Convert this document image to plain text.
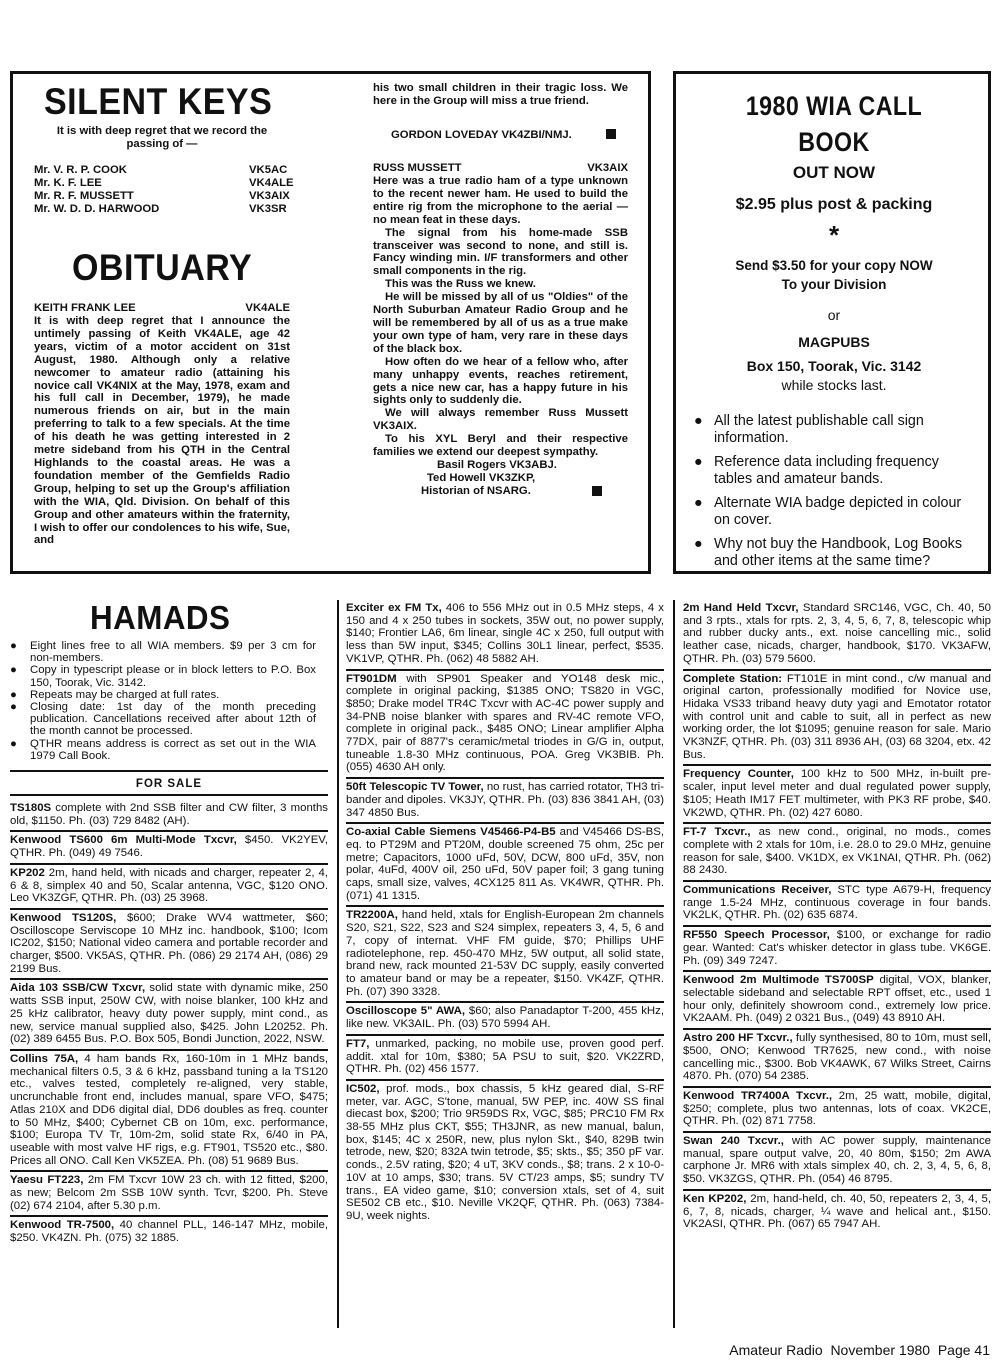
SILENT KEYS
It is with deep regret that we record the passing of —
Mr. V. R. P. COOK	VK5AC
Mr. K. F. LEE	VK4ALE
Mr. R. F. MUSSETT	VK3AIX
Mr. W. D. D. HARWOOD	VK3SR
OBITUARY
KEITH FRANK LEE	VK4ALE
It is with deep regret that I announce the untimely passing of Keith VK4ALE, age 42 years, victim of a motor accident on 31st August, 1980. Although only a relative newcomer to amateur radio (attaining his novice call VK4NIX at the May, 1978, exam and his full call in December, 1979), he made numerous friends on air, but in the main preferring to talk to a few specials. At the time of his death he was getting interested in 2 metre sideband from his QTH in the Central Highlands to the coastal areas. He was a foundation member of the Gemfields Radio Group, helping to set up the Group's affiliation with the WIA, Qld. Division. On behalf of this Group and other amateurs within the fraternity, I wish to offer our condolences to his wife, Sue, and
his two small children in their tragic loss. We here in the Group will miss a true friend.
GORDON LOVEDAY VK4ZBI/NMJ.
RUSS MUSSETT	VK3AIX
Here was a true radio ham of a type unknown to the recent newer ham. He used to build the entire rig from the microphone to the aerial — no mean feat in these days.
The signal from his home-made SSB transceiver was second to none, and still is. Fancy winding min. I/F transformers and other small components in the rig.
This was the Russ we knew.
He will be missed by all of us "Oldies" of the North Suburban Amateur Radio Group and he will be remembered by all of us as a true make your own type of ham, very rare in these days of the black box.
How often do we hear of a fellow who, after many unhappy events, reaches retirement, gets a nice new car, has a happy future in his sights only to suddenly die.
We will always remember Russ Mussett VK3AIX.
To his XYL Beryl and their respective families we extend our deepest sympathy.
Basil Rogers VK3ABJ.
Ted Howell VK3ZKP,
Historian of NSARG.
1980 WIA CALL BOOK
OUT NOW
$2.95 plus post & packing
*
Send $3.50 for your copy NOW
To your Division
or
MAGPUBS
Box 150, Toorak, Vic. 3142
while stocks last.
● All the latest publishable call sign information.
● Reference data including frequency tables and amateur bands.
● Alternate WIA badge depicted in colour on cover.
● Why not buy the Handbook, Log Books and other items at the same time?
HAMADS
● Eight lines free to all WIA members. $9 per 3 cm for non-members.
● Copy in typescript please or in block letters to P.O. Box 150, Toorak, Vic. 3142.
● Repeats may be charged at full rates.
● Closing date: 1st day of the month preceding publication. Cancellations received after about 12th of the month cannot be processed.
● QTHR means address is correct as set out in the WIA 1979 Call Book.
FOR SALE
TS180S complete with 2nd SSB filter and CW filter, 3 months old, $1150. Ph. (03) 729 8482 (AH).
Kenwood TS600 6m Multi-Mode Txcvr, $450. VK2YEV, QTHR. Ph. (049) 49 7546.
KP202 2m, hand held, with nicads and charger, repeater 2, 4, 6 & 8, simplex 40 and 50, Scalar antenna, VGC, $120 ONO. Leo VK3ZGF, QTHR. Ph. (03) 25 3968.
Kenwood TS120S, $600; Drake WV4 wattmeter, $60; Oscilloscope Serviscope 10 MHz inc. handbook, $100; Icom IC202, $150; National video camera and portable recorder and charger, $500. VK5AS, QTHR. Ph. (086) 29 2174 AH, (086) 29 2199 Bus.
Aida 103 SSB/CW Txcvr, solid state with dynamic mike, 250 watts SSB input, 250W CW, with noise blanker, 100 kHz and 25 kHz calibrator, heavy duty power supply, mint cond., as new, service manual supplied also, $425. John L20252. Ph. (02) 389 6455 Bus. P.O. Box 505, Bondi Junction, 2022, NSW.
Collins 75A, 4 ham bands Rx, 160-10m in 1 MHz bands, mechanical filters 0.5, 3 & 6 kHz, passband tuning a la TS120 etc., valves tested, completely re-aligned, very stable, uncrunchable front end, includes manual, spare VFO, $475; Atlas 210X and DD6 digital dial, DD6 doubles as freq. counter to 50 MHz, $400; Cybernet CB on 10m, exc. performance, $100; Europa TV Tr, 10m-2m, solid state Rx, 6/40 in PA, useable with most valve HF rigs, e.g. FT901, TS520 etc., $80. Prices all ONO. Call Ken VK5ZEA. Ph. (08) 51 9689 Bus.
Yaesu FT223, 2m FM Txcvr 10W 23 ch. with 12 fitted, $200, as new; Belcom 2m SSB 10W synth. Tcvr, $200. Ph. Steve (02) 674 2104, after 5.30 p.m.
Kenwood TR-7500, 40 channel PLL, 146-147 MHz, mobile, $250. VK4ZN. Ph. (075) 32 1885.
Exciter ex FM Tx, 406 to 556 MHz out in 0.5 MHz steps, 4 x 150 and 4 x 250 tubes in sockets, 35W out, no power supply, $140; Frontier LA6, 6m linear, single 4C x 250, full output with less than 5W input, $345; Collins 30L1 linear, perfect, $535. VK1VP, QTHR. Ph. (062) 48 5882 AH.
FT901DM with SP901 Speaker and YO148 desk mic., complete in original packing, $1385 ONO; TS820 in VGC, $850; Drake model TR4C Txcvr with AC-4C power supply and 34-PNB noise blanker with spares and RV-4C remote VFO, complete in original pack., $485 ONO; Linear amplifier Alpha 77DX, pair of 8877's ceramic/metal triodes in G/G in, output, tuneable 1.8-30 MHz continuous, POA. Greg VK3BIB. Ph. (055) 4630 AH only.
50ft Telescopic TV Tower, no rust, has carried rotator, TH3 tri-bander and dipoles. VK3JY, QTHR. Ph. (03) 836 3841 AH, (03) 347 4850 Bus.
Co-axial Cable Siemens V45466-P4-B5 and V45466 DS-BS, eq. to PT29M and PT20M, double screened 75 ohm, 25c per metre; Capacitors, 1000 uFd, 50V, DCW, 800 uFd, 35V, non polar, 4uFd, 400V oil, 250 uFd, 50V paper foil; 3 gang tuning caps, small size, valves, 4CX125 811 As. VK4WR, QTHR. Ph. (071) 41 1315.
TR2200A, hand held, xtals for English-European 2m channels S20, S21, S22, S23 and S24 simplex, repeaters 3, 4, 5, 6 and 7, copy of internat. VHF FM guide, $70; Phillips UHF radiotelephone, rep. 450-470 MHz, 5W output, all solid state, brand new, rack mounted 21-53V DC supply, easily converted to amateur band or may be a repeater, $150. VK4ZF, QTHR. Ph. (07) 390 3328.
Oscilloscope 5" AWA, $60; also Panadaptor T-200, 455 kHz, like new. VK3AIL. Ph. (03) 570 5994 AH.
FT7, unmarked, packing, no mobile use, proven good perf. addit. xtal for 10m, $380; 5A PSU to suit, $20. VK2ZRD, QTHR. Ph. (02) 456 1577.
IC502, prof. mods., box chassis, 5 kHz geared dial, S-RF meter, var. AGC, S'tone, manual, 5W PEP, inc. 40W SS final diecast box, $200; Trio 9R59DS Rx, VGC, $85; PRC10 FM Rx 38-55 MHz plus CKT, $55; TH3JNR, as new manual, balun, box, $145; 4C x 250R, new, plus nylon Skt., $40, 829B twin tetrode, new, $20; 832A twin tetrode, $5; skts., $5; 350 pF var. conds., 2.5V rating, $20; 4 uT, 3KV conds., $8; trans. 2 x 10-0-10V at 10 amps, $30; trans. 5V CT/23 amps, $5; sundry TV trans., EA video game, $10; conversion xtals, set of 4, suit SE502 CB etc., $10. Neville VK2QF, QTHR. Ph. (063) 7384-9U, week nights.
2m Hand Held Txcvr, Standard SRC146, VGC, Ch. 40, 50 and 3 rpts., xtals for rpts. 2, 3, 4, 5, 6, 7, 8, telescopic whip and rubber ducky ants., ext. noise cancelling mic., solid leather case, nicads, charger, handbook, $170. VK3AFW, QTHR. Ph. (03) 579 5600.
Complete Station: FT101E in mint cond., c/w manual and original carton, professionally modified for Novice use, Hidaka VS33 triband heavy duty yagi and Emotator rotator with control unit and cable to suit, all in perfect as new working order, the lot $1095; genuine reason for sale. Mario VK3NZF, QTHR. Ph. (03) 311 8936 AH, (03) 68 3204, etx. 42 Bus.
Frequency Counter, 100 kHz to 500 MHz, in-built pre-scaler, input level meter and dual regulated power supply, $105; Heath IM17 FET multimeter, with PK3 RF probe, $40. VK2WD, QTHR. Ph. (02) 427 6080.
FT-7 Txcvr., as new cond., original, no mods., comes complete with 2 xtals for 10m, i.e. 28.0 to 29.0 MHz, genuine reason for sale, $400. VK1DX, ex VK1NAI, QTHR. Ph. (062) 88 2430.
Communications Receiver, STC type A679-H, frequency range 1.5-24 MHz, continuous coverage in four bands. VK2LK, QTHR. Ph. (02) 635 6874.
RF550 Speech Processor, $100, or exchange for radio gear. Wanted: Cat's whisker detector in glass tube. VK6GE. Ph. (09) 349 7247.
Kenwood 2m Multimode TS700SP digital, VOX, blanker, selectable sideband and selectable RPT offset, etc., used 1 hour only, definitely showroom cond., extremely low price. VK2AAM. Ph. (049) 2 0321 Bus., (049) 43 8910 AH.
Astro 200 HF Txcvr., fully synthesised, 80 to 10m, must sell, $500, ONO; Kenwood TR7625, new cond., with noise cancelling mic., $300. Bob VK4AWK, 67 Wilks Street, Cairns 4870. Ph. (070) 54 2385.
Kenwood TR7400A Txcvr., 2m, 25 watt, mobile, digital, $250; complete, plus two antennas, lots of coax. VK2CE, QTHR. Ph. (02) 871 7758.
Swan 240 Txcvr., with AC power supply, maintenance manual, spare output valve, 20, 40 80m, $150; 2m AWA carphone Jr. MR6 with xtals simplex 40, ch. 2, 3, 4, 5, 6, 8, $50. VK3ZGS, QTHR. Ph. (054) 46 8795.
Ken KP202, 2m, hand-held, ch. 40, 50, repeaters 2, 3, 4, 5, 6, 7, 8, nicads, charger, ¼ wave and helical ant., $150. VK2ASI, QTHR. Ph. (067) 65 7947 AH.
Amateur Radio  November 1980  Page 41
